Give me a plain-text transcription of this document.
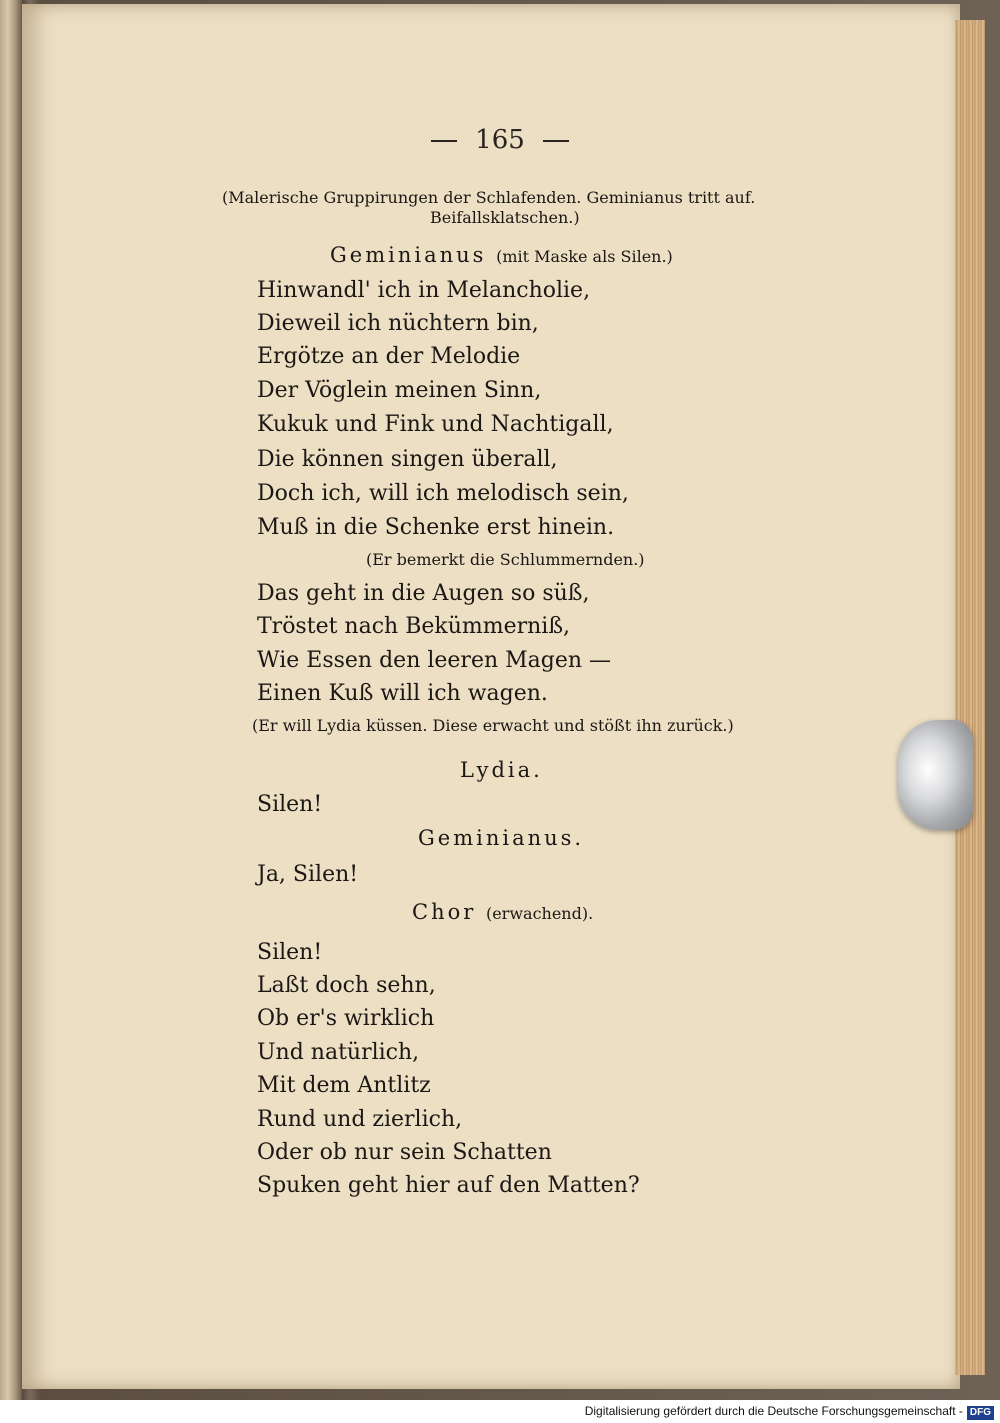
165
(Malerische Gruppirungen der Schlafenden. Geminianus tritt auf.
Beifallsklatschen.)
Geminianus (mit Maske als Silen.)
Hinwandl' ich in Melancholie,
Dieweil ich nüchtern bin,
Ergötze an der Melodie
Der Vöglein meinen Sinn,
Kukuk und Fink und Nachtigall,
Die können singen überall,
Doch ich, will ich melodisch sein,
Muß in die Schenke erst hinein.
(Er bemerkt die Schlummernden.)
Das geht in die Augen so süß,
Tröstet nach Bekümmerniß,
Wie Essen den leeren Magen —
Einen Kuß will ich wagen.
(Er will Lydia küssen. Diese erwacht und stößt ihn zurück.)
Lydia.
Silen!
Geminianus.
Ja, Silen!
Chor (erwachend).
Silen!
Laßt doch sehn,
Ob er's wirklich
Und natürlich,
Mit dem Antlitz
Rund und zierlich,
Oder ob nur sein Schatten
Spuken geht hier auf den Matten?
Digitalisierung gefördert durch die Deutsche Forschungsgemeinschaft - DFG
